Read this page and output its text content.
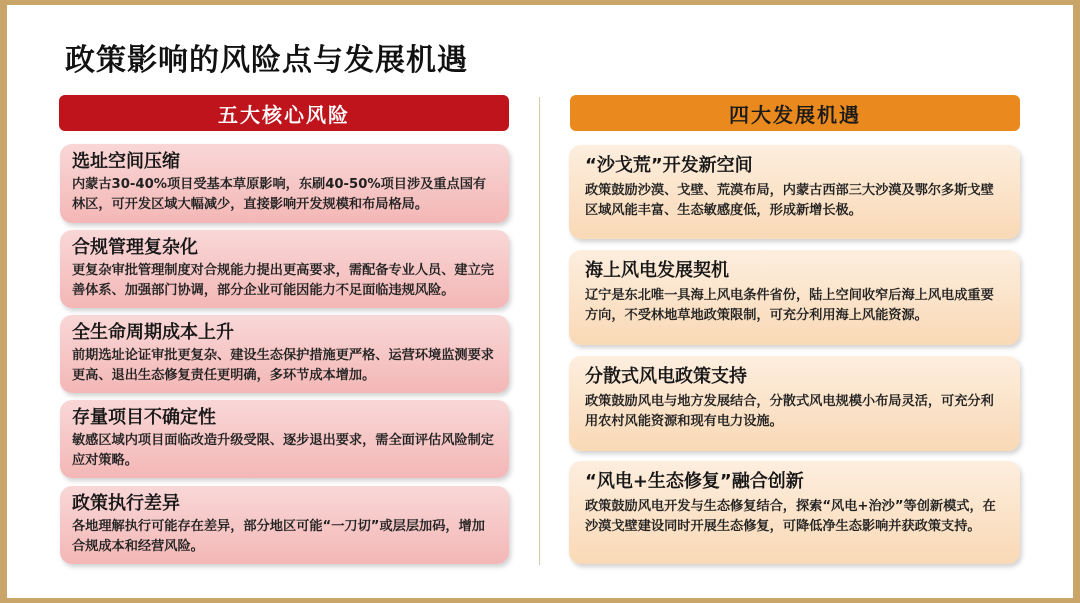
政策影响的风险点与发展机遇
五大核心风险	四大发展机遇
选址空间压缩
内蒙古30-40%项目受基本草原影响，东刷40-50%项目涉及重点国有林区，可开发区域大幅减少，直接影响开发规模和布局格局。
合规管理复杂化
更复杂审批管理制度对合规能力提出更高要求，需配备专业人员、建立完善体系、加强部门协调，部分企业可能因能力不足面临违规风险。
全生命周期成本上升
前期选址论证审批更复杂、建设生态保护措施更严格、运营环境监测要求更高、退出生态修复责任更明确，多环节成本增加。
存量项目不确定性
敏感区域内项目面临改造升级受限、逐步退出要求，需全面评估风险制定应对策略。
政策执行差异
各地理解执行可能存在差异，部分地区可能“一刀切”或层层加码，增加合规成本和经营风险。
“沙戈荒”开发新空间
政策鼓励沙漠、戈壁、荒漠布局，内蒙古西部三大沙漠及鄂尔多斯戈壁区域风能丰富、生态敏感度低，形成新增长极。
海上风电发展契机
辽宁是东北唯一具海上风电条件省份，陆上空间收窄后海上风电成重要方向，不受林地草地政策限制，可充分利用海上风能资源。
分散式风电政策支持
政策鼓励风电与地方发展结合，分散式风电规模小布局灵活，可充分利用农村风能资源和现有电力设施。
“风电+生态修复”融合创新
政策鼓励风电开发与生态修复结合，探索“风电+治沙”等创新模式，在沙漠戈壁建设同时开展生态修复，可降低净生态影响并获政策支持。
